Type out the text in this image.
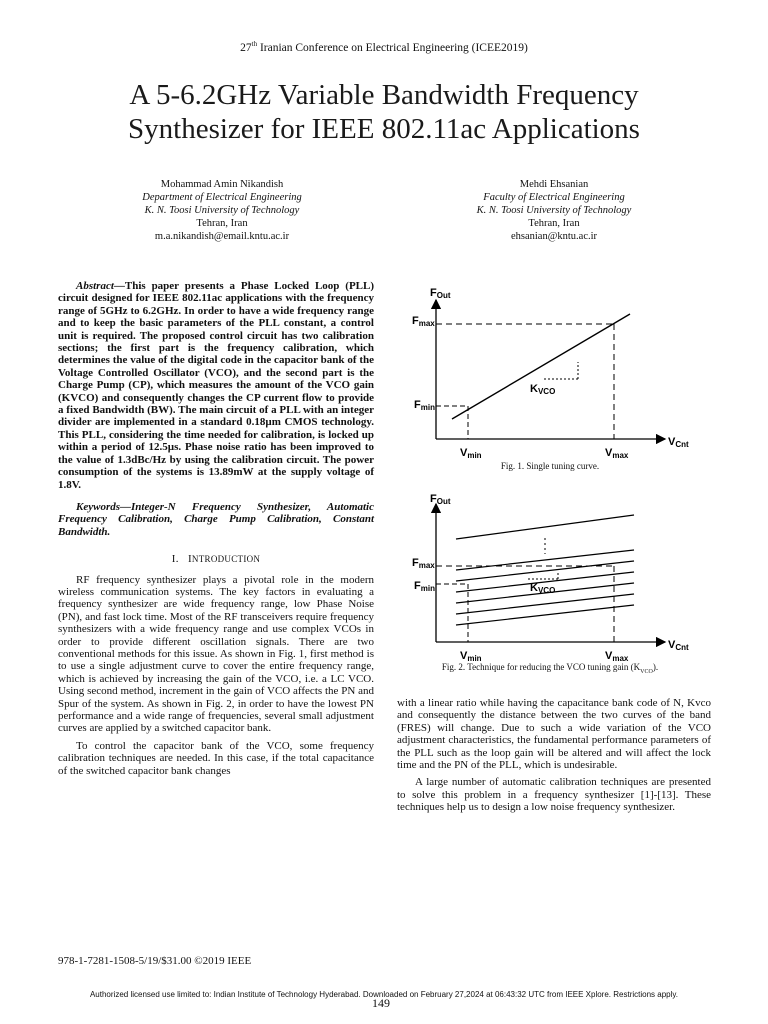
27th Iranian Conference on Electrical Engineering (ICEE2019)
A 5-6.2GHz Variable Bandwidth Frequency Synthesizer for IEEE 802.11ac Applications
Mohammad Amin Nikandish
Department of Electrical Engineering
K. N. Toosi University of Technology
Tehran, Iran
m.a.nikandish@email.kntu.ac.ir
Mehdi Ehsanian
Faculty of Electrical Engineering
K. N. Toosi University of Technology
Tehran, Iran
ehsanian@kntu.ac.ir

Abstract—This paper presents a Phase Locked Loop (PLL) circuit designed for IEEE 802.11ac applications with the frequency range of 5GHz to 6.2GHz. In order to have a wide frequency range and to keep the basic parameters of the PLL constant, a control unit is required. The proposed control circuit has two calibration sections; the first part is the frequency calibration, which determines the value of the digital code in the capacitor bank of the Voltage Controlled Oscillator (VCO), and the second part is the Charge Pump (CP), which measures the amount of the VCO gain (KVCO) and consequently changes the CP current flow to provide a fixed Bandwidth (BW). The main circuit of a PLL with an integer divider are implemented in a standard 0.18µm CMOS technology. This PLL, considering the time needed for calibration, is locked up within a period of 12.5µs. Phase noise ratio has been improved to the value of 1.3dBc/Hz by using the calibration circuit. The power consumption of the systems is 13.89mW at the supply voltage of 1.8V.

Keywords—Integer-N Frequency Synthesizer, Automatic Frequency Calibration, Charge Pump Calibration, Constant Bandwidth.

I. INTRODUCTION

RF frequency synthesizer plays a pivotal role in the modern wireless communication systems. The key factors in evaluating a frequency synthesizer are wide frequency range, low Phase Noise (PN), and fast lock time. Most of the RF transceivers require frequency synthesizers with a wide frequency range and use complex VCOs in order to provide different oscillation signals. There are two conventional methods for this issue. As shown in Fig. 1, first method is to use a single adjustment curve to cover the entire frequency range, which is achieved by increasing the gain of the VCO, i.e. a LC VCO. Using second method, increment in the gain of VCO affects the PN and Spur of the system. As shown in Fig. 2, in order to have the lowest PN performance and a wide range of frequencies, several small adjustment curves are applied by a switched capacitor bank.

To control the capacitor bank of the VCO, some frequency calibration techniques are needed. In this case, if the total capacitance of the switched capacitor bank changes

FOut
VCnt
Fmax
Fmin
KVCO
Vmin	Vmax
Fig. 1. Single tuning curve.
FOut
VCnt
Fmax
Fmin	KVCO
Vmin	Vmax
Fig. 2. Technique for reducing the VCO tuning gain $(K_{VCO})$.

with a linear ratio while having the capacitance bank code of N, Kvco and consequently the distance between the two curves of the band (FRES) will change. Due to such a wide variation of the VCO adjustment characteristics, the fundamental performance parameters of the PLL such as the loop gain will be altered and will affect the lock time and the PN of the PLL, which is undesirable.

A large number of automatic calibration techniques are presented to solve this problem in a frequency synthesizer [1]-[13]. These techniques help us to design a low noise frequency synthesizer.

978-1-7281-1508-5/19/$31.00 ©2019 IEEE
149
Authorized licensed use limited to: Indian Institute of Technology Hyderabad. Downloaded on February 27,2024 at 06:43:32 UTC from IEEE Xplore. Restrictions apply.
